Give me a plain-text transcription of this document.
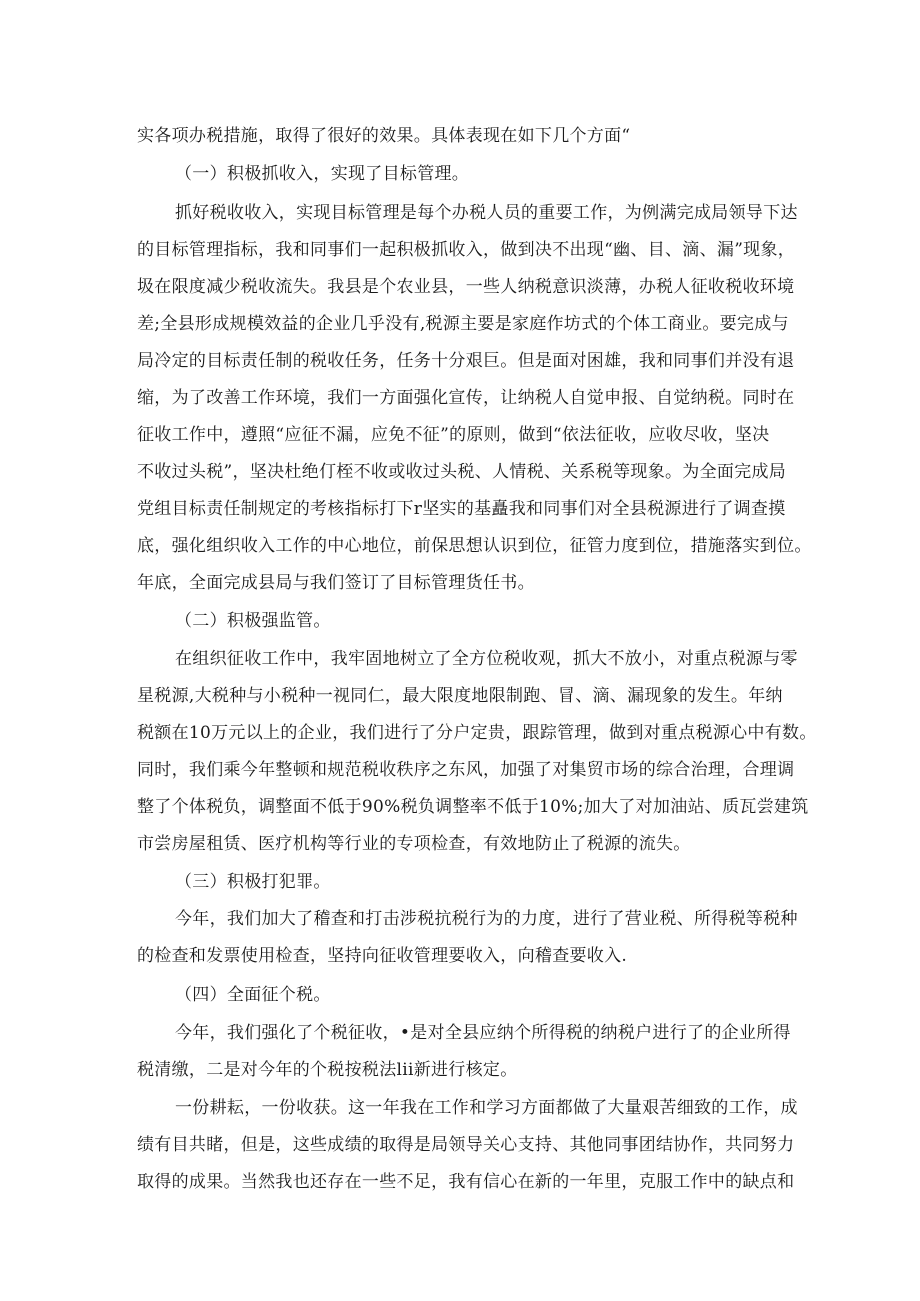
实各项办税措施，取得了很好的效果。具体表现在如下几个方面“
（一）积极抓收入，实现了目标管理。
抓好税收收入，实现目标管理是每个办税人员的重要工作，为例满完成局领导下达
的目标管理指标，我和同事们一起积极抓收入，做到决不出现“幽、目、滴、漏”现象，
圾在限度减少税收流失。我县是个农业县，一些人纳税意识淡薄，办税人征收税收环境
差;全县形成规模效益的企业几乎没有,税源主要是家庭作坊式的个体工商业。要完成与
局冷定的目标责任制的税收任务，任务十分艰巨。但是面对困雄，我和同事们并没有退
缩，为了改善工作环境，我们一方面强化宣传，让纳税人自觉申报、自觉纳税。同时在
征收工作中，遵照“应征不漏，应免不征”的原则，做到“依法征收，应收尽收，坚决
不收过头税”，坚决杜绝仃桎不收或收过头税、人情税、关系税等现象。为全面完成局
党组目标责任制规定的考核指标打下r坚实的基矗我和同事们对全县税源进行了调查摸
底，强化组织收入工作的中心地位，前保思想认识到位，征管力度到位，措施落实到位。
年底，全面完成县局与我们签订了目标管理货任书。
（二）积极强监管。
在组织征收工作中，我牢固地树立了全方位税收观，抓大不放小，对重点税源与零
星税源,大税种与小税种一视同仁，最大限度地限制跑、冒、滴、漏现象的发生。年纳
税额在10万元以上的企业，我们进行了分户定贵，跟踪管理，做到对重点税源心中有数。
同时，我们乘今年整顿和规范税收秩序之东风，加强了对集贸市场的综合治理，合理调
整了个体税负，调整面不低于90%税负调整率不低于10%;加大了对加油站、质瓦尝建筑
市尝房屋租赁、医疗机构等行业的专项检查，有效地防止了税源的流失。
（三）积极打犯罪。
今年，我们加大了稽查和打击涉税抗税行为的力度，进行了营业税、所得税等税种
的检查和发票使用检查，坚持向征收管理要收入，向稽查要收入.
（四）全面征个税。
今年，我们强化了个税征收，•是对全县应纳个所得税的纳税户进行了的企业所得
税清缴，二是对今年的个税按税法lii新进行核定。
一份耕耘，一份收获。这一年我在工作和学习方面都做了大量艰苦细致的工作，成
绩有目共睹，但是，这些成绩的取得是局领导关心支持、其他同事团结协作，共同努力
取得的成果。当然我也还存在一些不足，我有信心在新的一年里，克服工作中的缺点和
